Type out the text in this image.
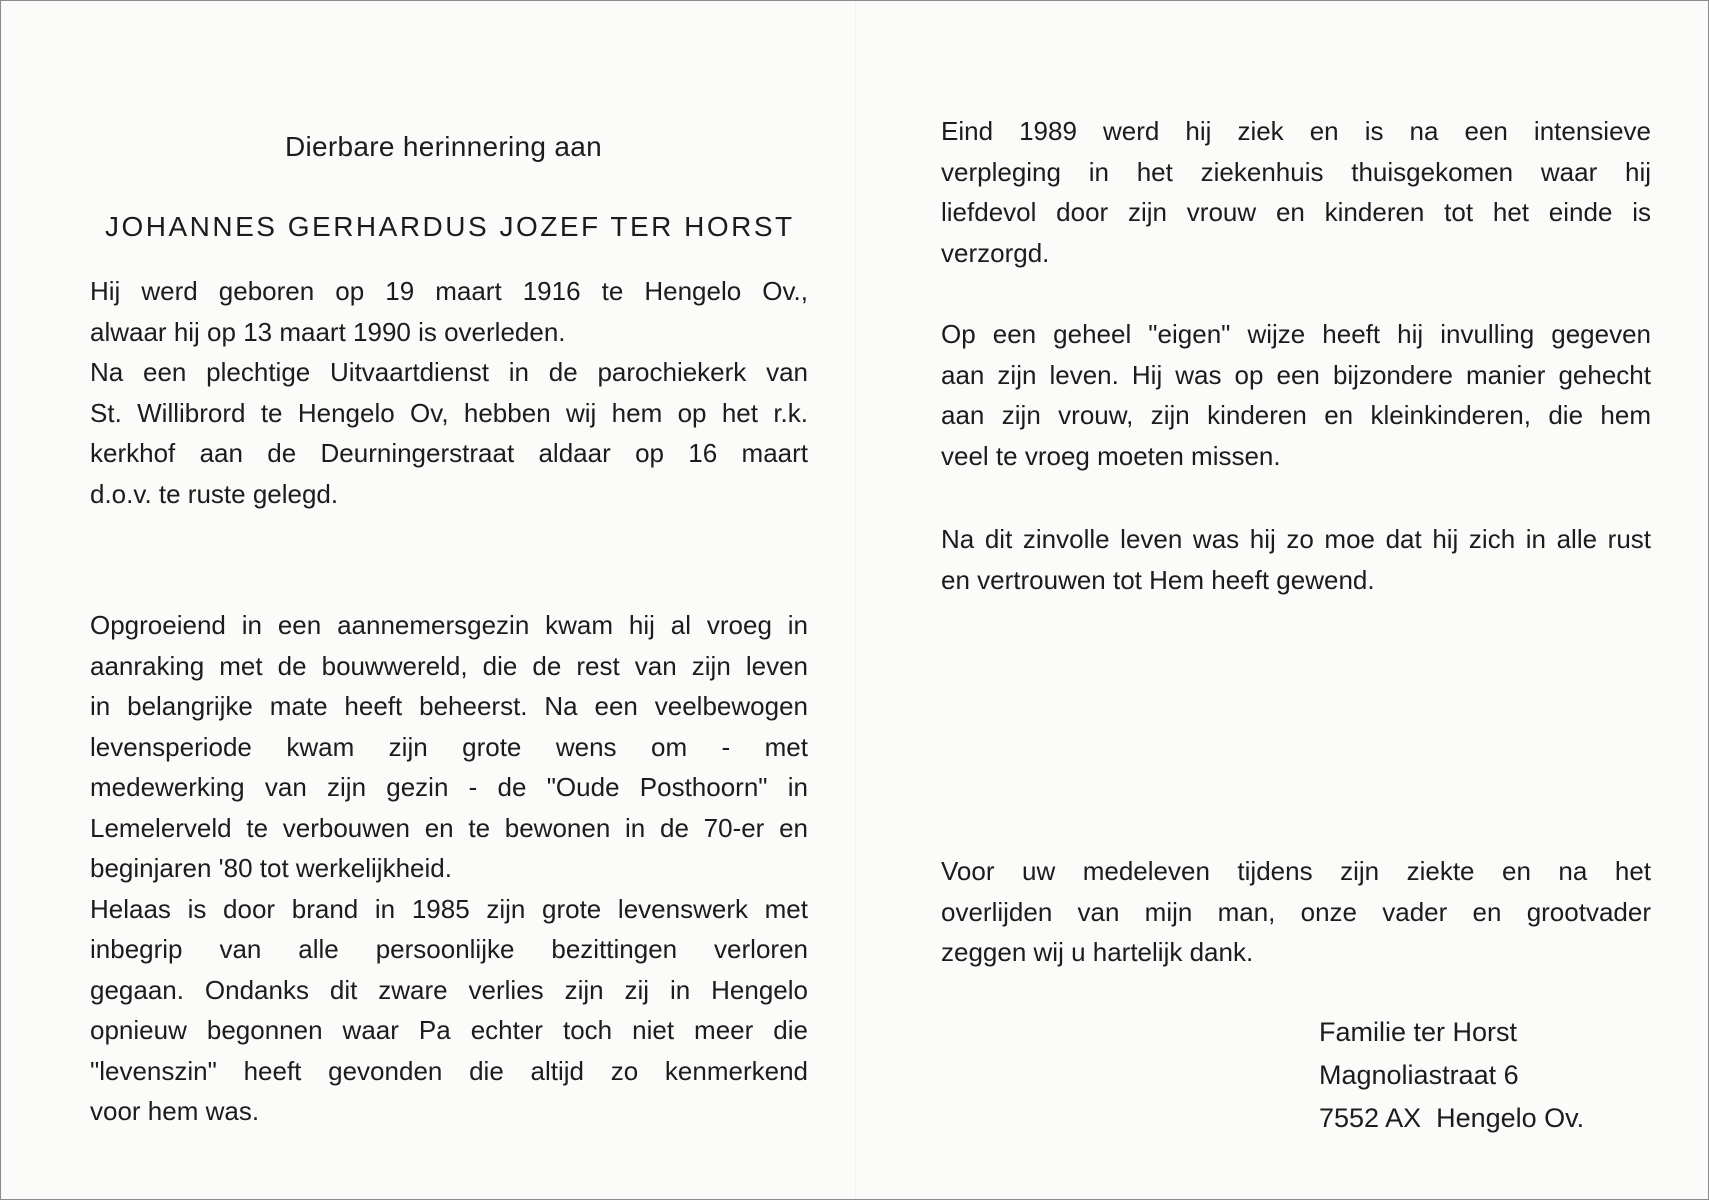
Dierbare herinnering aan
JOHANNES GERHARDUS JOZEF TER HORST
Hij werd geboren op 19 maart 1916 te Hengelo Ov.,
alwaar hij op 13 maart 1990 is overleden.
Na een plechtige Uitvaartdienst in de parochiekerk van
St. Willibrord te Hengelo Ov, hebben wij hem op het r.k.
kerkhof aan de Deurningerstraat aldaar op 16 maart
d.o.v. te ruste gelegd.
Opgroeiend in een aannemersgezin kwam hij al vroeg in
aanraking met de bouwwereld, die de rest van zijn leven
in belangrijke mate heeft beheerst. Na een veelbewogen
levensperiode kwam zijn grote wens om - met
medewerking van zijn gezin - de "Oude Posthoorn" in
Lemelerveld te verbouwen en te bewonen in de 70-er en
beginjaren '80 tot werkelijkheid.
Helaas is door brand in 1985 zijn grote levenswerk met
inbegrip van alle persoonlijke bezittingen verloren
gegaan. Ondanks dit zware verlies zijn zij in Hengelo
opnieuw begonnen waar Pa echter toch niet meer die
"levenszin" heeft gevonden die altijd zo kenmerkend
voor hem was.
Eind 1989 werd hij ziek en is na een intensieve
verpleging in het ziekenhuis thuisgekomen waar hij
liefdevol door zijn vrouw en kinderen tot het einde is
verzorgd.
Op een geheel "eigen" wijze heeft hij invulling gegeven
aan zijn leven. Hij was op een bijzondere manier gehecht
aan zijn vrouw, zijn kinderen en kleinkinderen, die hem
veel te vroeg moeten missen.
Na dit zinvolle leven was hij zo moe dat hij zich in alle rust
en vertrouwen tot Hem heeft gewend.
Voor uw medeleven tijdens zijn ziekte en na het
overlijden van mijn man, onze vader en grootvader
zeggen wij u hartelijk dank.
Familie ter Horst
Magnoliastraat 6
7552 AX  Hengelo Ov.
